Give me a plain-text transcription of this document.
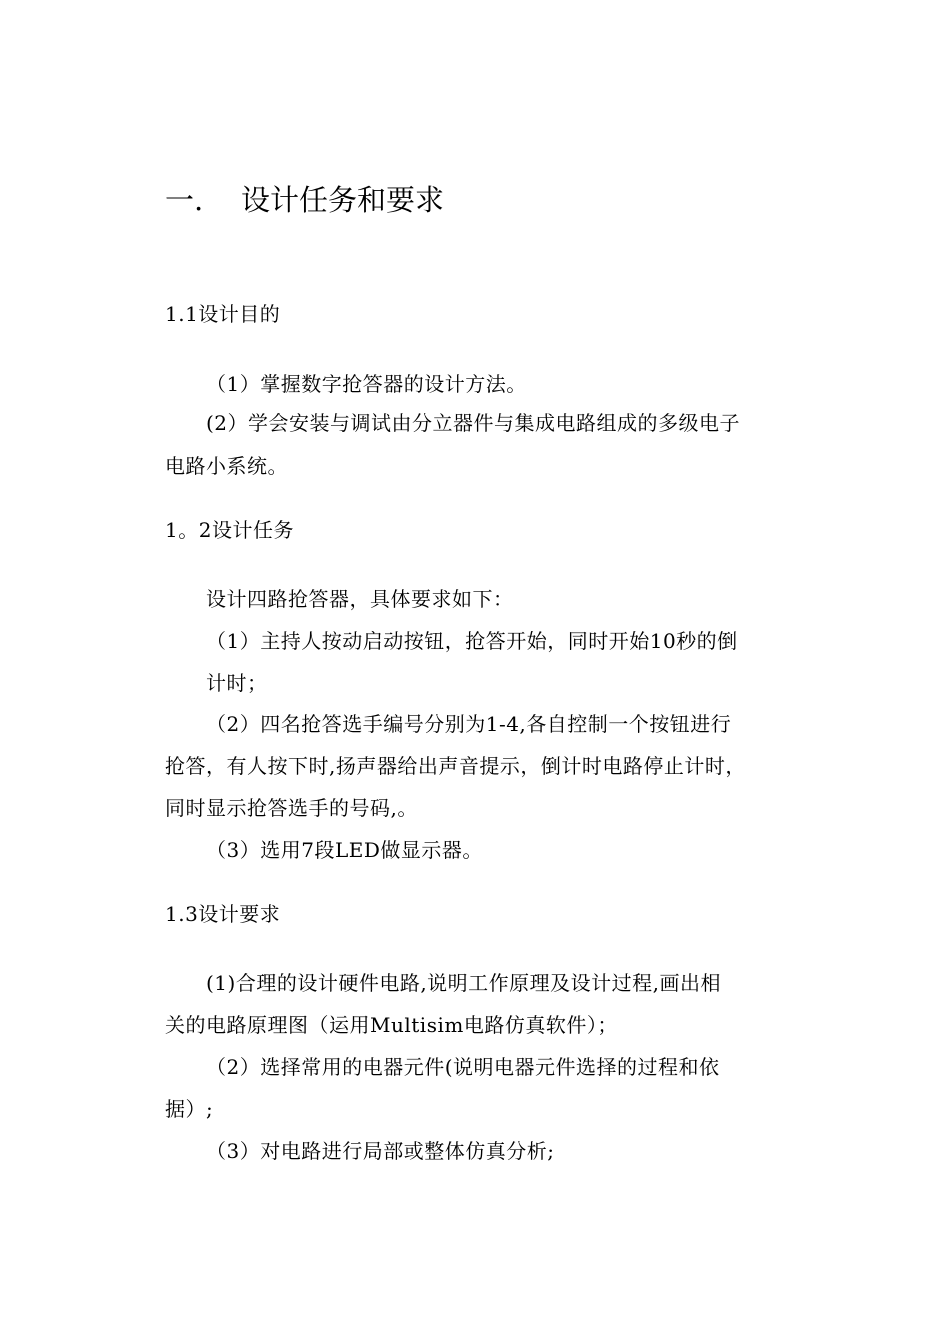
一. 设计任务和要求
1.1设计目的
（1）掌握数字抢答器的设计方法。
(2）学会安装与调试由分立器件与集成电路组成的多级电子
电路小系统。
1。2设计任务
设计四路抢答器，具体要求如下：
（1）主持人按动启动按钮，抢答开始，同时开始10秒的倒
计时；
（2）四名抢答选手编号分别为1-4,各自控制一个按钮进行
抢答，有人按下时,扬声器给出声音提示，倒计时电路停止计时，
同时显示抢答选手的号码,。
（3）选用7段LED做显示器。
1.3设计要求
(1)合理的设计硬件电路,说明工作原理及设计过程,画出相
关的电路原理图（运用Multisim电路仿真软件）；
（2）选择常用的电器元件(说明电器元件选择的过程和依
据）;
（3）对电路进行局部或整体仿真分析;
